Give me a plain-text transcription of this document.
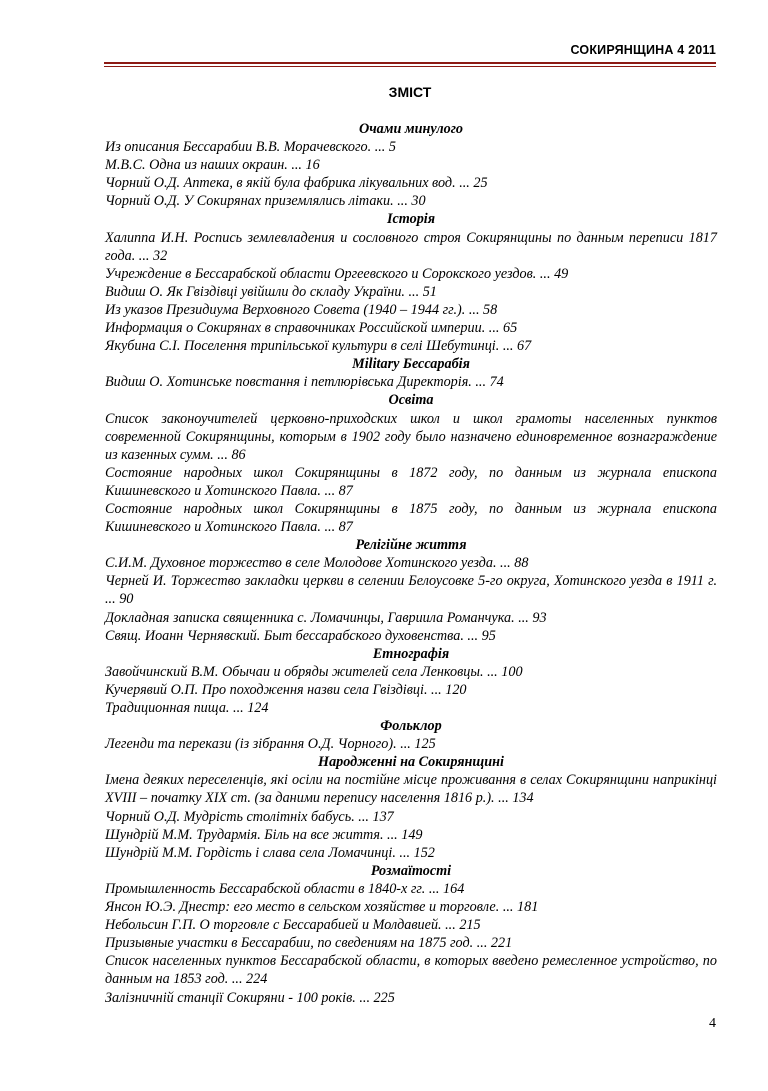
СОКИРЯНЩИНА 4 2011
ЗМІСТ
Очами минулого
Из описания Бессарабии В.В. Морачевского. ... 5
М.В.С. Одна из наших окраин. ... 16
Чорний О.Д. Аптека, в якій була фабрика лікувальних вод. ... 25
Чорний О.Д. У Сокирянах приземлялись літаки. ... 30
Історія
Халиппа И.Н. Роспись землевладения и сословного строя Сокирянщины по данным переписи 1817 года. ... 32
Учреждение в Бессарабской области Оргеевского и Сорокского уездов. ... 49
Видиш О. Як Гвіздівці увійшли до складу України. ... 51
Из указов Президиума Верховного Совета (1940 – 1944 гг.). ... 58
Информация о Сокирянах в справочниках Российской империи. ... 65
Якубина С.І. Поселення трипільської культури в селі Шебутинці. ... 67
Military Бессарабія
Видиш О. Хотинське повстання і петлюрівська Директорія. ... 74
Освіта
Список законоучителей церковно-приходских школ и школ грамоты населенных пунктов современной Сокирянщины, которым в 1902 году было назначено единовременное вознаграждение из казенных сумм. ... 86
Состояние народных школ Сокирянщины в 1872 году, по данным из журнала епископа Кишиневского и Хотинского Павла. ... 87
Состояние народных школ Сокирянщины в 1875 году, по данным из журнала епископа Кишиневского и Хотинского Павла. ... 87
Релігійне життя
С.И.М. Духовное торжество в селе Молодове Хотинского уезда. ... 88
Черней И. Торжество закладки церкви в селении Белоусовке 5-го округа, Хотинского уезда в 1911 г. ... 90
Докладная записка священника с. Ломачинцы, Гавриила Романчука. ... 93
Свящ. Иоанн Чернявский. Быт бессарабского духовенства. ... 95
Етнографія
Завойчинский В.М. Обычаи и обряды жителей села Ленковцы. ... 100
Кучерявий О.П. Про походження назви села Гвіздівці. ... 120
Традиционная пища. ... 124
Фольклор
Легенди та перекази (із зібрання О.Д. Чорного). ... 125
Народженні на Сокирянщині
Імена деяких переселенців, які осіли на постійне місце проживання в селах Сокирянщини наприкінці XVIII – початку XIX ст. (за даними перепису населення 1816 р.). ... 134
Чорний О.Д. Мудрість столітніх бабусь. ... 137
Шундрій М.М. Трудармія. Біль на все життя. ... 149
Шундрій М.М. Гордість і слава села Ломачинці. ... 152
Розмаїтості
Промышленность Бессарабской области в 1840-х гг. ... 164
Янсон Ю.Э. Днестр: его место в сельском хозяйстве и торговле. ... 181
Небольсин Г.П. О торговле с Бессарабией и Молдавией. ... 215
Призывные участки в Бессарабии, по сведениям на 1875 год. ... 221
Список населенных пунктов Бессарабской области, в которых введено ремесленное устройство, по данным на 1853 год. ... 224
Залізничній станції Сокиряни - 100 років. ... 225
4
